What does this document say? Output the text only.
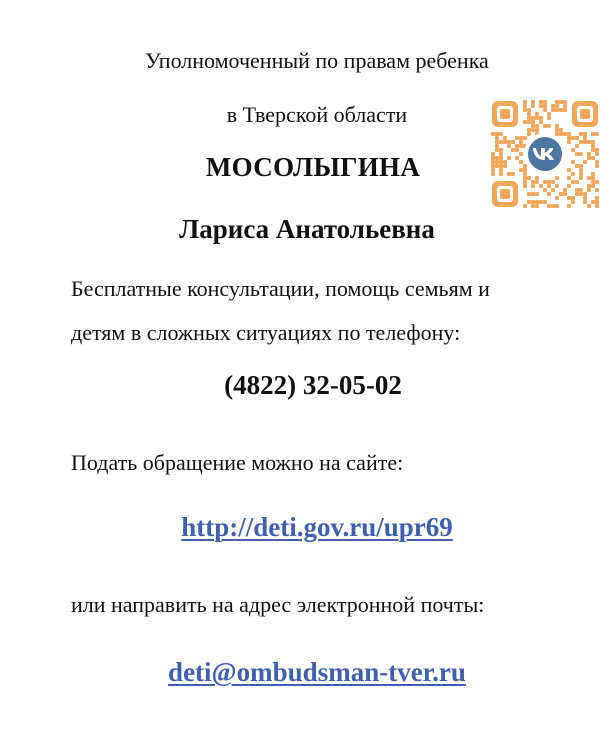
Уполномоченный по правам ребенка

в Тверской области

МОСОЛЫГИНА

Лариса Анатольевна

Бесплатные консультации, помощь семьям и

детям в сложных ситуациях по телефону:

(4822) 32-05-02

Подать обращение можно на сайте:

http://deti.gov.ru/upr69

или направить на адрес электронной почты:

deti@ombudsman-tver.ru
